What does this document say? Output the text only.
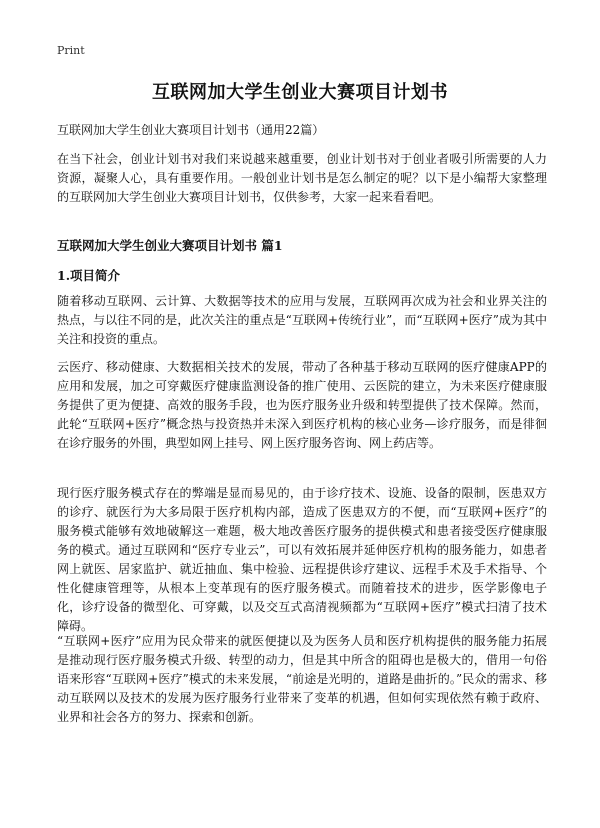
Print
互联网加大学生创业大赛项目计划书
互联网加大学生创业大赛项目计划书（通用22篇）

在当下社会，创业计划书对我们来说越来越重要，创业计划书对于创业者吸引所需要的人力资源，凝聚人心，具有重要作用。一般创业计划书是怎么制定的呢？以下是小编帮大家整理的互联网加大学生创业大赛项目计划书，仅供参考，大家一起来看看吧。

互联网加大学生创业大赛项目计划书 篇1
1.项目简介

随着移动互联网、云计算、大数据等技术的应用与发展，互联网再次成为社会和业界关注的热点，与以往不同的是，此次关注的重点是“互联网+传统行业”，而“互联网+医疗”成为其中关注和投资的重点。

云医疗、移动健康、大数据相关技术的发展，带动了各种基于移动互联网的医疗健康APP的应用和发展，加之可穿戴医疗健康监测设备的推广使用、云医院的建立，为未来医疗健康服务提供了更为便捷、高效的服务手段，也为医疗服务业升级和转型提供了技术保障。然而，此轮“互联网+医疗”概念热与投资热并未深入到医疗机构的核心业务—诊疗服务，而是徘徊在诊疗服务的外围，典型如网上挂号、网上医疗服务咨询、网上药店等。

现行医疗服务模式存在的弊端是显而易见的，由于诊疗技术、设施、设备的限制，医患双方的诊疗、就医行为大多局限于医疗机构内部，造成了医患双方的不便，而“互联网+医疗”的服务模式能够有效地破解这一难题，极大地改善医疗服务的提供模式和患者接受医疗健康服务的模式。通过互联网和“医疗专业云”，可以有效拓展并延伸医疗机构的服务能力，如患者网上就医、居家监护、就近抽血、集中检验、远程提供诊疗建议、远程手术及手术指导、个性化健康管理等，从根本上变革现有的医疗服务模式。而随着技术的进步，医学影像电子化，诊疗设备的微型化、可穿戴，以及交互式高清视频都为“互联网+医疗”模式扫清了技术障碍。

“互联网+医疗”应用为民众带来的就医便捷以及为医务人员和医疗机构提供的服务能力拓展是推动现行医疗服务模式升级、转型的动力，但是其中所含的阻碍也是极大的，借用一句俗语来形容“互联网+医疗”模式的未来发展，“前途是光明的，道路是曲折的。”民众的需求、移动互联网以及技术的发展为医疗服务行业带来了变革的机遇，但如何实现依然有赖于政府、业界和社会各方的努力、探索和创新。
